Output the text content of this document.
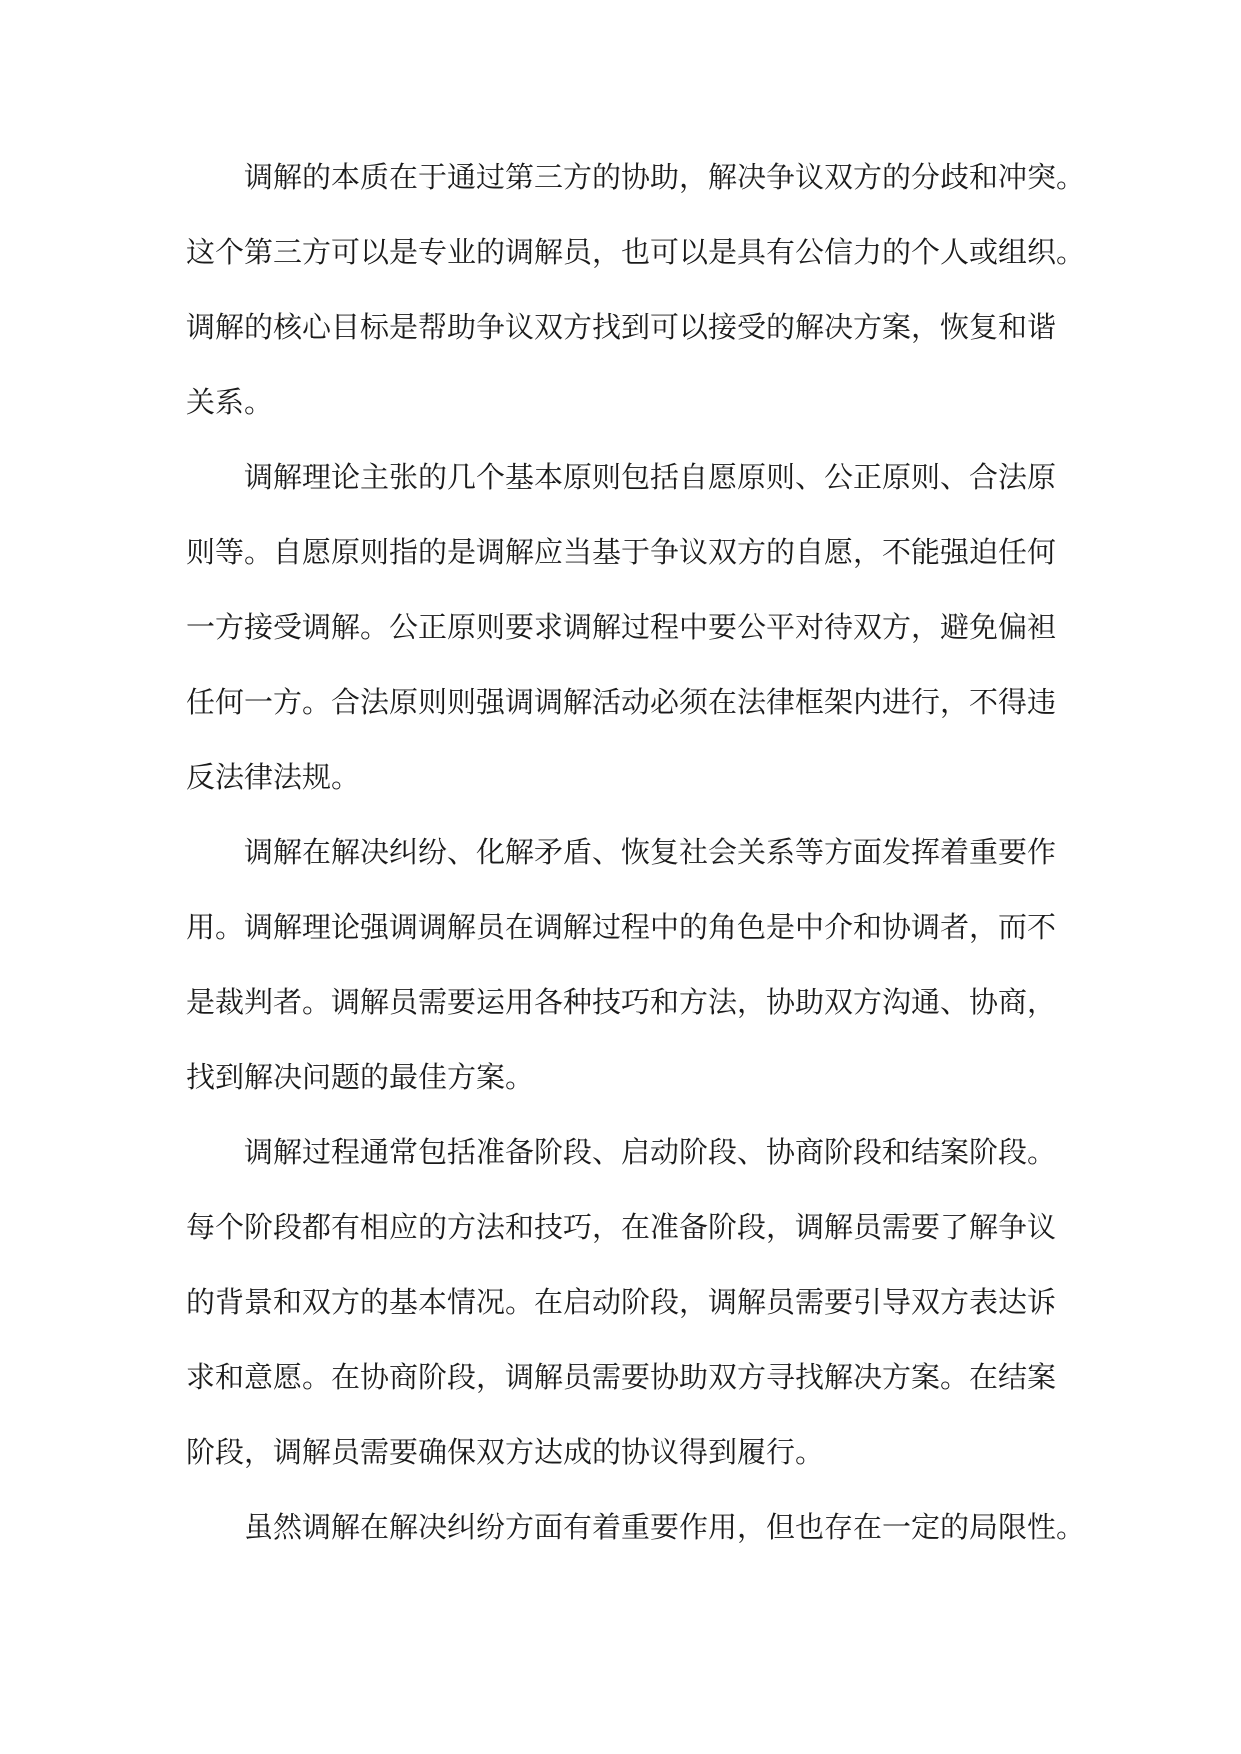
调解的本质在于通过第三方的协助，解决争议双方的分歧和冲突。
这个第三方可以是专业的调解员，也可以是具有公信力的个人或组织。
调解的核心目标是帮助争议双方找到可以接受的解决方案，恢复和谐
关系。
调解理论主张的几个基本原则包括自愿原则、公正原则、合法原
则等。自愿原则指的是调解应当基于争议双方的自愿，不能强迫任何
一方接受调解。公正原则要求调解过程中要公平对待双方，避免偏袒
任何一方。合法原则则强调调解活动必须在法律框架内进行，不得违
反法律法规。
调解在解决纠纷、化解矛盾、恢复社会关系等方面发挥着重要作
用。调解理论强调调解员在调解过程中的角色是中介和协调者，而不
是裁判者。调解员需要运用各种技巧和方法，协助双方沟通、协商，
找到解决问题的最佳方案。
调解过程通常包括准备阶段、启动阶段、协商阶段和结案阶段。
每个阶段都有相应的方法和技巧，在准备阶段，调解员需要了解争议
的背景和双方的基本情况。在启动阶段，调解员需要引导双方表达诉
求和意愿。在协商阶段，调解员需要协助双方寻找解决方案。在结案
阶段，调解员需要确保双方达成的协议得到履行。
虽然调解在解决纠纷方面有着重要作用，但也存在一定的局限性。
